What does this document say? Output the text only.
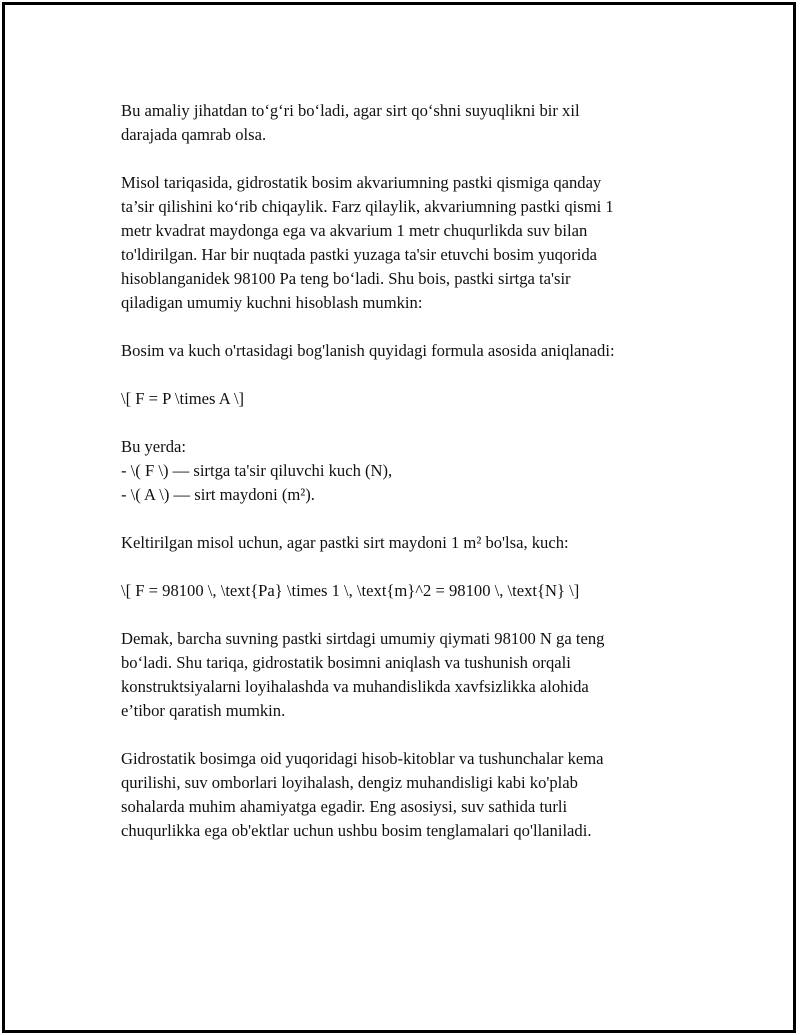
Bu amaliy jihatdan to‘g‘ri bo‘ladi, agar sirt qo‘shni suyuqlikni bir xil
darajada qamrab olsa.

Misol tariqasida, gidrostatik bosim akvariumning pastki qismiga qanday
ta’sir qilishini ko‘rib chiqaylik. Farz qilaylik, akvariumning pastki qismi 1
metr kvadrat maydonga ega va akvarium 1 metr chuqurlikda suv bilan
to'ldirilgan. Har bir nuqtada pastki yuzaga ta'sir etuvchi bosim yuqorida
hisoblanganidek 98100 Pa teng bo‘ladi. Shu bois, pastki sirtga ta'sir
qiladigan umumiy kuchni hisoblash mumkin:

Bosim va kuch o'rtasidagi bog'lanish quyidagi formula asosida aniqlanadi:

\[ F = P \times A \]

Bu yerda:
- \( F \) — sirtga ta'sir qiluvchi kuch (N),
- \( A \) — sirt maydoni (m²).

Keltirilgan misol uchun, agar pastki sirt maydoni 1 m² bo'lsa, kuch:

\[ F = 98100 \, \text{Pa} \times 1 \, \text{m}^2 = 98100 \, \text{N} \]

Demak, barcha suvning pastki sirtdagi umumiy qiymati 98100 N ga teng
bo‘ladi. Shu tariqa, gidrostatik bosimni aniqlash va tushunish orqali
konstruktsiyalarni loyihalashda va muhandislikda xavfsizlikka alohida
e’tibor qaratish mumkin.

Gidrostatik bosimga oid yuqoridagi hisob-kitoblar va tushunchalar kema
qurilishi, suv omborlari loyihalash, dengiz muhandisligi kabi ko'plab
sohalarda muhim ahamiyatga egadir. Eng asosiysi, suv sathida turli
chuqurlikka ega ob'ektlar uchun ushbu bosim tenglamalari qo'llaniladi.
